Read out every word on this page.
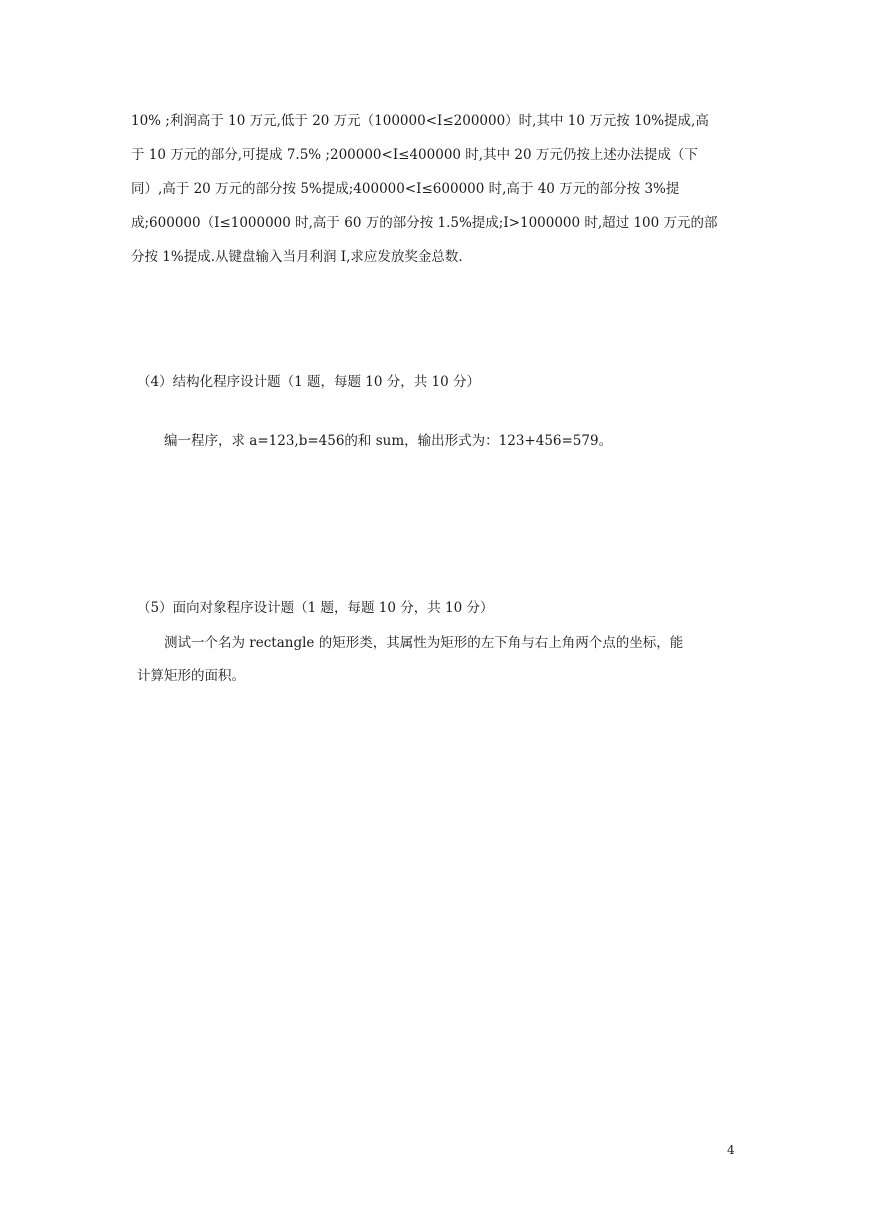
10% ;利润高于 10 万元,低于 20 万元（100000<I≤200000）时,其中 10 万元按 10%提成,高
于 10 万元的部分,可提成 7.5% ;200000<I≤400000 时,其中 20 万元仍按上述办法提成（下
同）,高于 20 万元的部分按 5%提成;400000<I≤600000 时,高于 40 万元的部分按 3%提
成;600000（I≤1000000 时,高于 60 万的部分按 1.5%提成;I>1000000 时,超过 100 万元的部
分按 1%提成.从键盘输入当月利润 I,求应发放奖金总数.
（4）结构化程序设计题（1 题，每题 10 分，共 10 分）
编一程序，求 a=123,b=456的和 sum，输出形式为：123+456=579。
（5）面向对象程序设计题（1 题，每题 10 分，共 10 分）
测试一个名为 rectangle 的矩形类，其属性为矩形的左下角与右上角两个点的坐标，能
计算矩形的面积。
4
